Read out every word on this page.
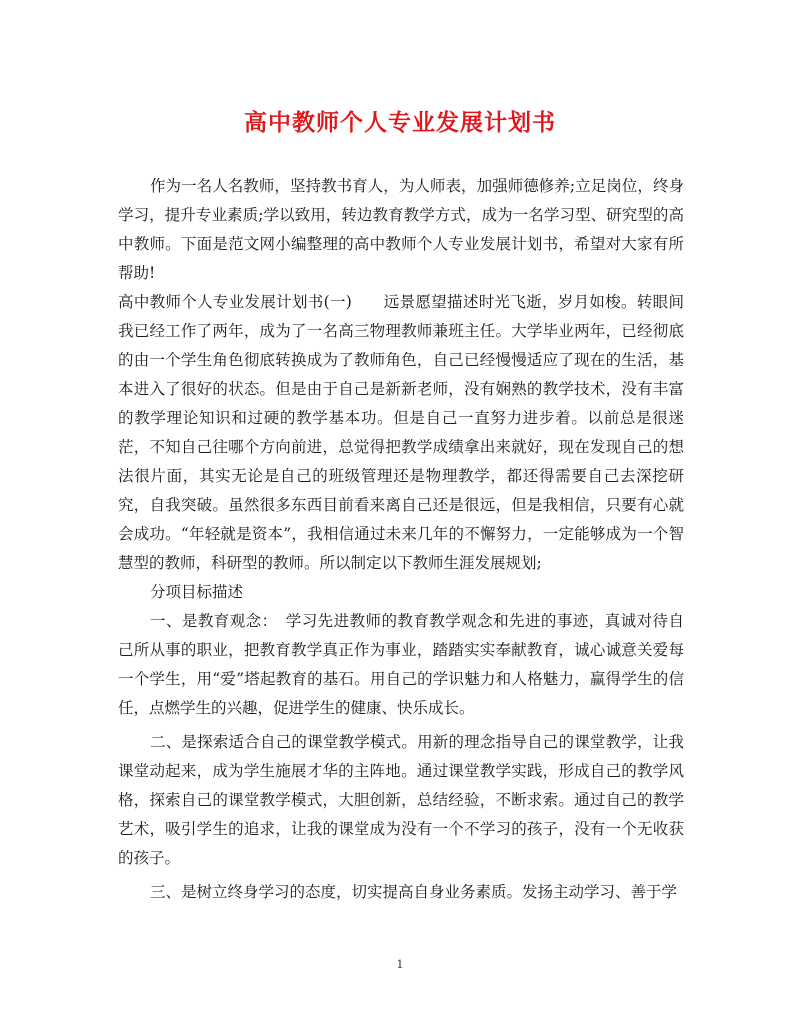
高中教师个人专业发展计划书

作为一名人名教师，坚持教书育人，为人师表，加强师德修养;立足岗位，终身学习，提升专业素质;学以致用，转边教育教学方式，成为一名学习型、研究型的高中教师。下面是范文网小编整理的高中教师个人专业发展计划书，希望对大家有所帮助!

高中教师个人专业发展计划书(一)　　远景愿望描述时光飞逝，岁月如梭。转眼间我已经工作了两年，成为了一名高三物理教师兼班主任。大学毕业两年，已经彻底的由一个学生角色彻底转换成为了教师角色，自己已经慢慢适应了现在的生活，基本进入了很好的状态。但是由于自己是新新老师，没有娴熟的教学技术，没有丰富的教学理论知识和过硬的教学基本功。但是自己一直努力进步着。以前总是很迷茫，不知自己往哪个方向前进，总觉得把教学成绩拿出来就好，现在发现自己的想法很片面，其实无论是自己的班级管理还是物理教学，都还得需要自己去深挖研究，自我突破。虽然很多东西目前看来离自己还是很远，但是我相信，只要有心就会成功。“年轻就是资本”，我相信通过未来几年的不懈努力，一定能够成为一个智慧型的教师，科研型的教师。所以制定以下教师生涯发展规划;

分项目标描述

一、是教育观念：　学习先进教师的教育教学观念和先进的事迹，真诚对待自己所从事的职业，把教育教学真正作为事业，踏踏实实奉献教育，诚心诚意关爱每一个学生，用“爱”塔起教育的基石。用自己的学识魅力和人格魅力，赢得学生的信任，点燃学生的兴趣，促进学生的健康、快乐成长。

二、是探索适合自己的课堂教学模式。用新的理念指导自己的课堂教学，让我课堂动起来，成为学生施展才华的主阵地。通过课堂教学实践，形成自己的教学风格，探索自己的课堂教学模式，大胆创新，总结经验，不断求索。通过自己的教学艺术，吸引学生的追求，让我的课堂成为没有一个不学习的孩子，没有一个无收获的孩子。

三、是树立终身学习的态度，切实提高自身业务素质。发扬主动学习、善于学

1
